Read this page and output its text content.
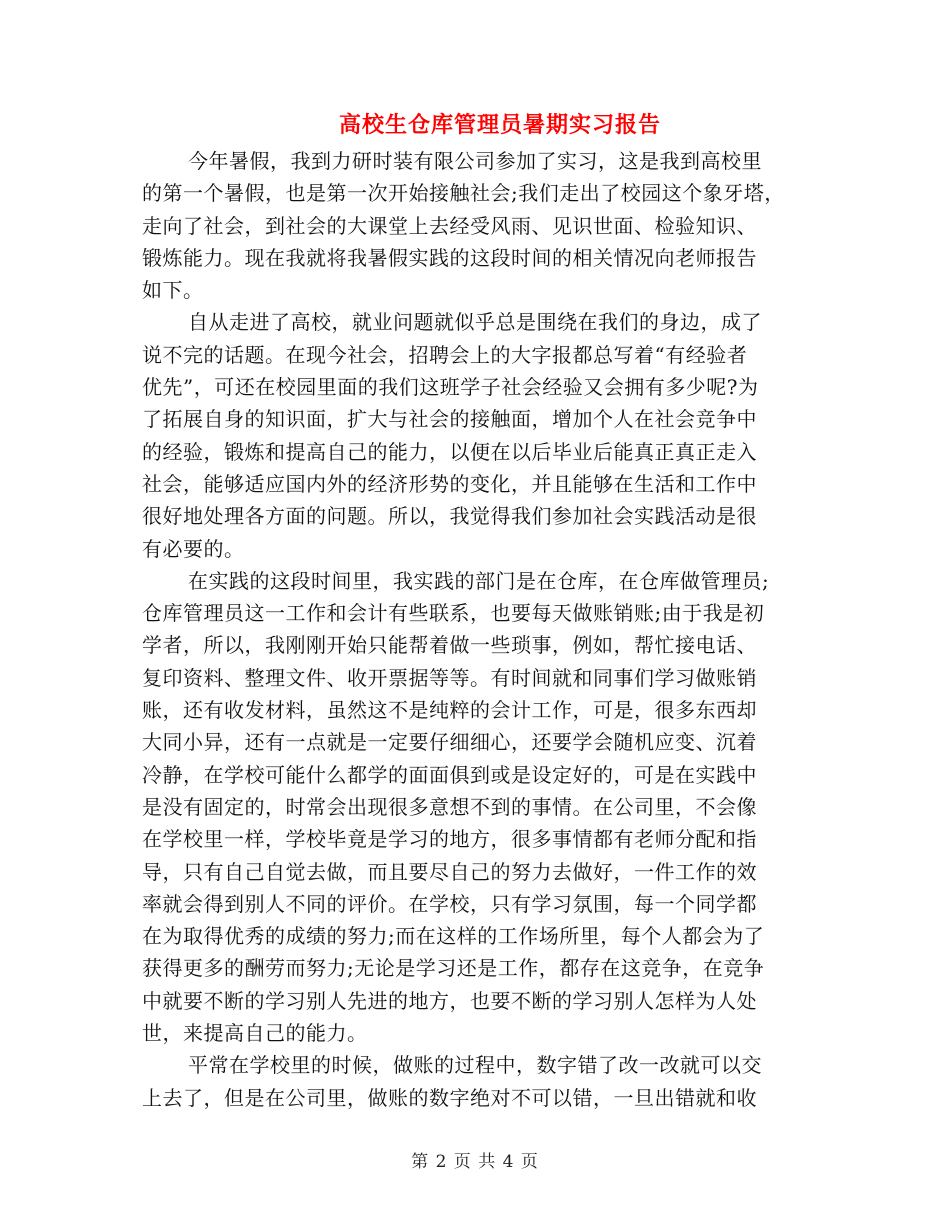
高校生仓库管理员暑期实习报告
今年暑假，我到力研时装有限公司参加了实习，这是我到高校里
的第一个暑假，也是第一次开始接触社会;我们走出了校园这个象牙塔，
走向了社会，到社会的大课堂上去经受风雨、见识世面、检验知识、
锻炼能力。现在我就将我暑假实践的这段时间的相关情况向老师报告
如下。
自从走进了高校，就业问题就似乎总是围绕在我们的身边，成了
说不完的话题。在现今社会，招聘会上的大字报都总写着“有经验者
优先”，可还在校园里面的我们这班学子社会经验又会拥有多少呢?为
了拓展自身的知识面，扩大与社会的接触面，增加个人在社会竞争中
的经验，锻炼和提高自己的能力，以便在以后毕业后能真正真正走入
社会，能够适应国内外的经济形势的变化，并且能够在生活和工作中
很好地处理各方面的问题。所以，我觉得我们参加社会实践活动是很
有必要的。
在实践的这段时间里，我实践的部门是在仓库，在仓库做管理员;
仓库管理员这一工作和会计有些联系，也要每天做账销账;由于我是初
学者，所以，我刚刚开始只能帮着做一些琐事，例如，帮忙接电话、
复印资料、整理文件、收开票据等等。有时间就和同事们学习做账销
账，还有收发材料，虽然这不是纯粹的会计工作，可是，很多东西却
大同小异，还有一点就是一定要仔细细心，还要学会随机应变、沉着
冷静，在学校可能什么都学的面面俱到或是设定好的，可是在实践中
是没有固定的，时常会出现很多意想不到的事情。在公司里，不会像
在学校里一样，学校毕竟是学习的地方，很多事情都有老师分配和指
导，只有自己自觉去做，而且要尽自己的努力去做好，一件工作的效
率就会得到别人不同的评价。在学校，只有学习氛围，每一个同学都
在为取得优秀的成绩的努力;而在这样的工作场所里，每个人都会为了
获得更多的酬劳而努力;无论是学习还是工作，都存在这竞争，在竞争
中就要不断的学习别人先进的地方，也要不断的学习别人怎样为人处
世，来提高自己的能力。
平常在学校里的时候，做账的过程中，数字错了改一改就可以交
上去了，但是在公司里，做账的数字绝对不可以错，一旦出错就和收
第 2 页 共 4 页
